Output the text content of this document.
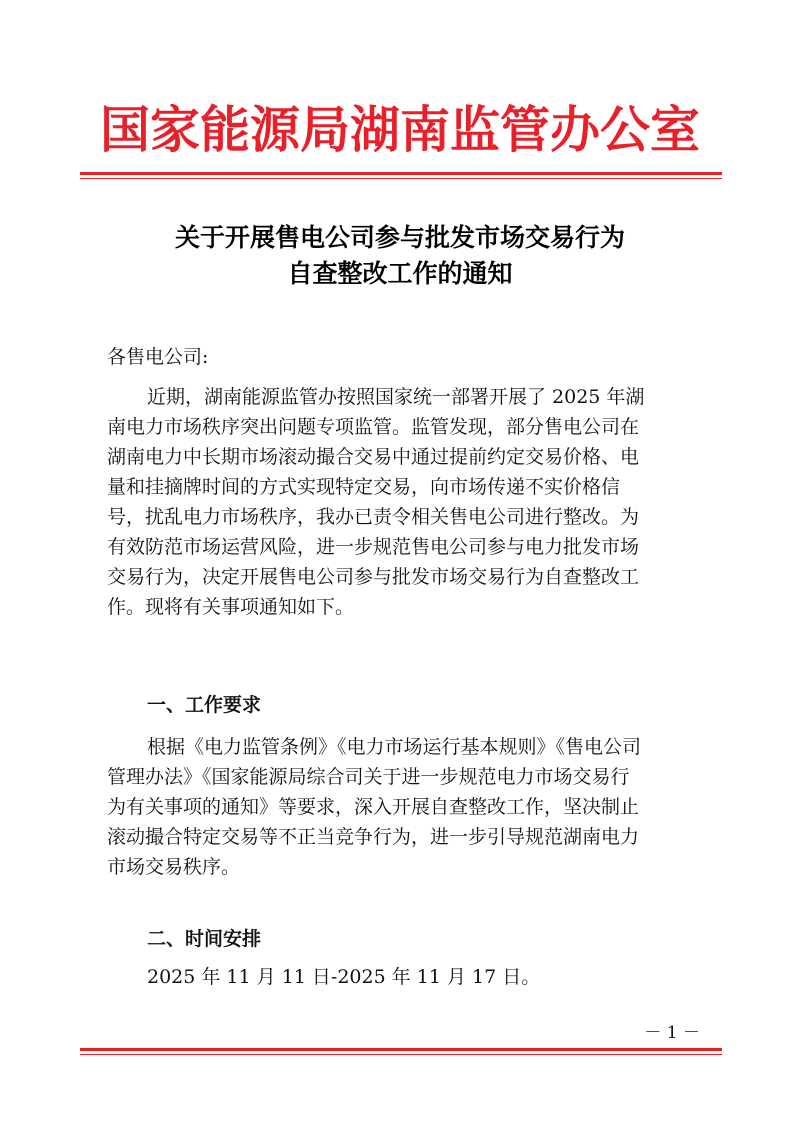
国家能源局湖南监管办公室
关于开展售电公司参与批发市场交易行为
自查整改工作的通知
各售电公司:
近期，湖南能源监管办按照国家统一部署开展了 2025 年湖
南电力市场秩序突出问题专项监管。监管发现，部分售电公司在
湖南电力中长期市场滚动撮合交易中通过提前约定交易价格、电
量和挂摘牌时间的方式实现特定交易，向市场传递不实价格信
号，扰乱电力市场秩序，我办已责令相关售电公司进行整改。为
有效防范市场运营风险，进一步规范售电公司参与电力批发市场
交易行为，决定开展售电公司参与批发市场交易行为自查整改工
作。现将有关事项通知如下。
一、工作要求
根据《电力监管条例》《电力市场运行基本规则》《售电公司
管理办法》《国家能源局综合司关于进一步规范电力市场交易行
为有关事项的通知》等要求，深入开展自查整改工作，坚决制止
滚动撮合特定交易等不正当竞争行为，进一步引导规范湖南电力
市场交易秩序。
二、时间安排
2025 年 11 月 11 日-2025 年 11 月 17 日。
－ 1 －
